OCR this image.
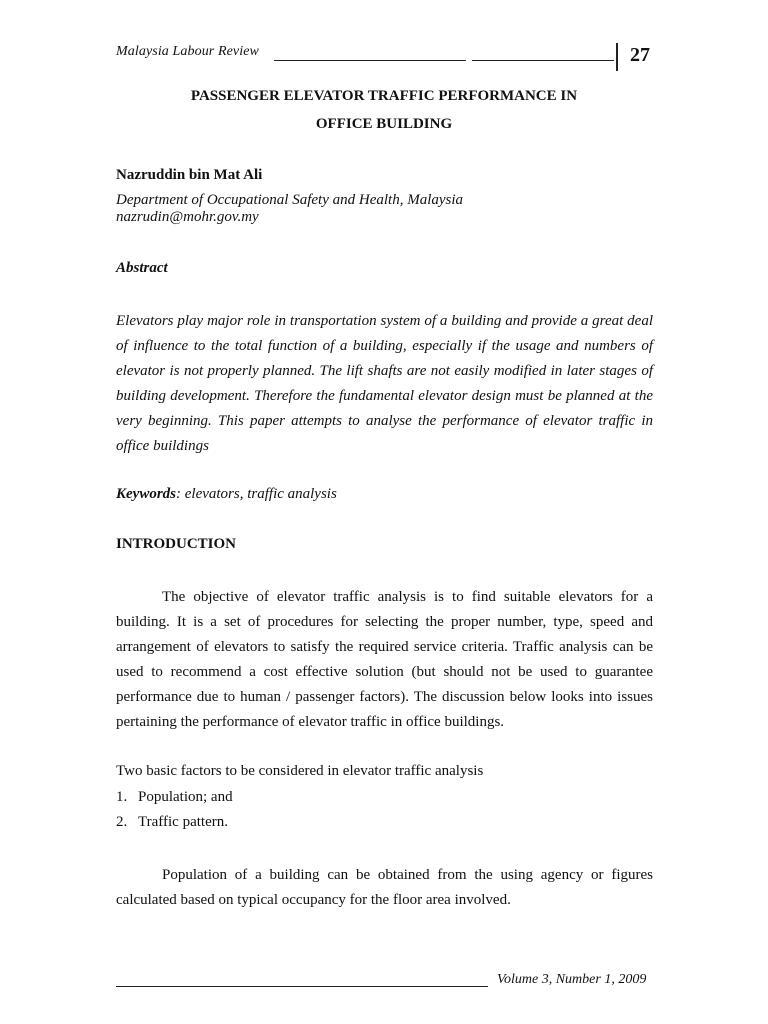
Malaysia Labour Review	27
PASSENGER ELEVATOR TRAFFIC PERFORMANCE IN
OFFICE BUILDING
Nazruddin bin Mat Ali
Department of Occupational Safety and Health, Malaysia
nazrudin@mohr.gov.my
Abstract
Elevators play major role in transportation system of a building and provide a great deal of influence to the total function of a building, especially if the usage and numbers of elevator is not properly planned. The lift shafts are not easily modified in later stages of building development. Therefore the fundamental elevator design must be planned at the very beginning. This paper attempts to analyse the performance of elevator traffic in office buildings
Keywords: elevators, traffic analysis
INTRODUCTION
The objective of elevator traffic analysis is to find suitable elevators for a building. It is a set of procedures for selecting the proper number, type, speed and arrangement of elevators to satisfy the required service criteria. Traffic analysis can be used to recommend a cost effective solution (but should not be used to guarantee performance due to human / passenger factors). The discussion below looks into issues pertaining the performance of elevator traffic in office buildings.
Two basic factors to be considered in elevator traffic analysis
1. Population; and
2. Traffic pattern.
Population of a building can be obtained from the using agency or figures calculated based on typical occupancy for the floor area involved.
Volume 3, Number 1, 2009
